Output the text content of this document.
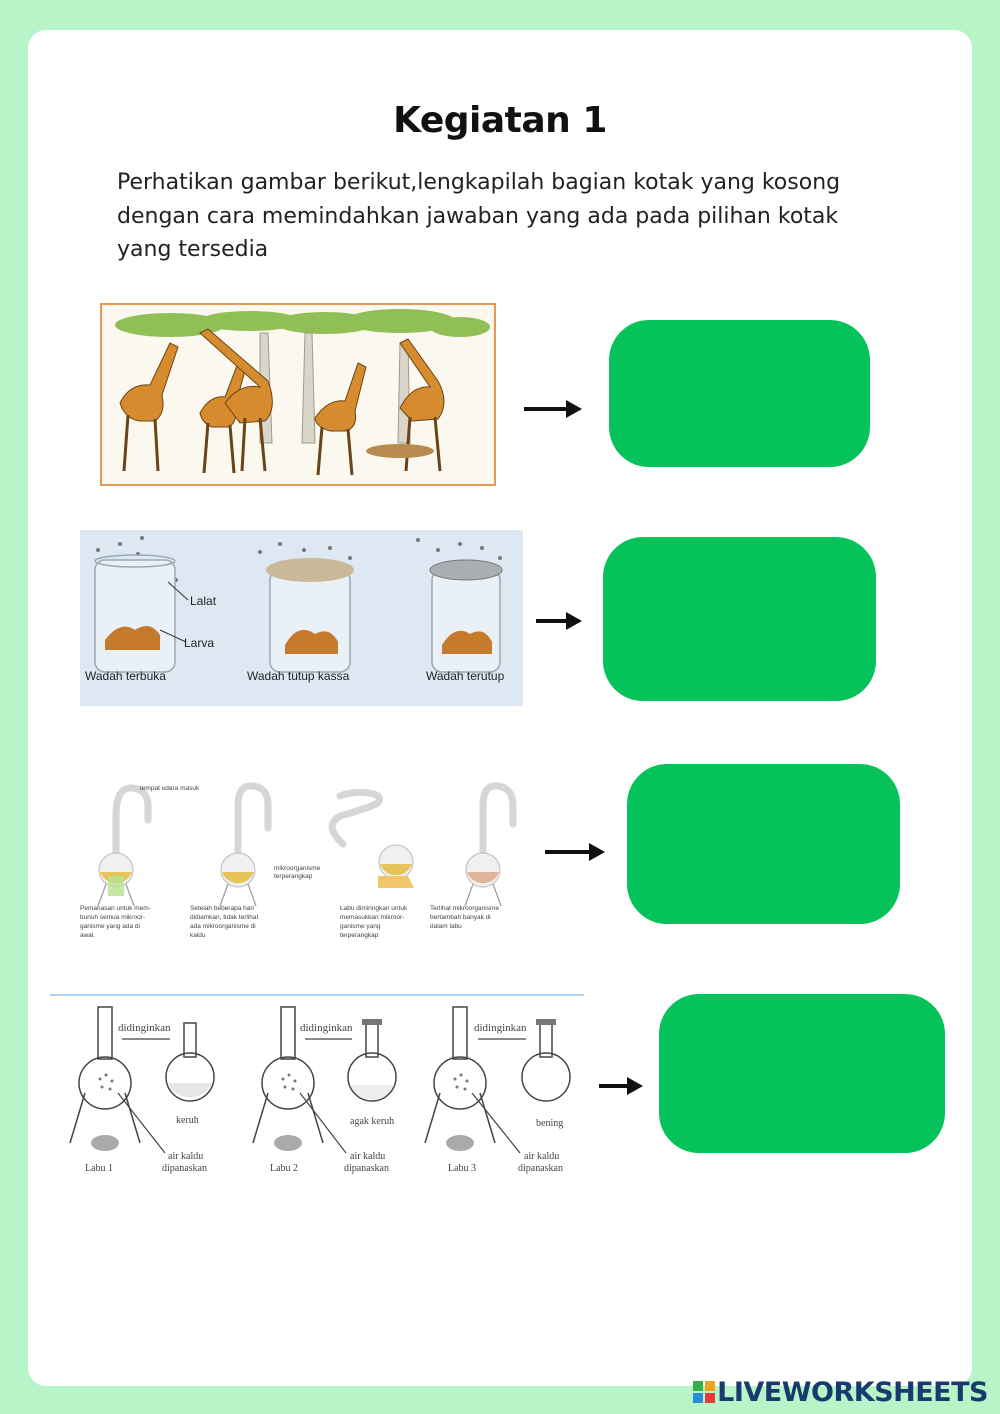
Kegiatan 1
Perhatikan gambar berikut,lengkapilah bagian kotak yang kosong dengan cara memindahkan jawaban yang ada pada pilihan kotak yang tersedia
Lalat
Larva
Wadah terbuka	Wadah tutup kassa	Wadah terutup
tempat udara masuk
mikroorganisme
terperangkap
Pemanasan untuk mem-
bunuh semua mikroor-
ganisme yang ada di
awal.
Setelah beberapa hari
didiamkan, tidak terlihat
ada mikroorganisme di
kaldu
Labu dimiringkan untuk
memasukkan mikroor-
ganisme yang
terperangkap
Terlihat mikroorganisme
bertambah banyak di
dalam labu
didinginkan	didinginkan	didinginkan
keruh	agak keruh	bening
Labu 1	Labu 2	Labu 3
air kaldu
dipanaskan
air kaldu
dipanaskan
air kaldu
dipanaskan
LIVEWORKSHEETS
